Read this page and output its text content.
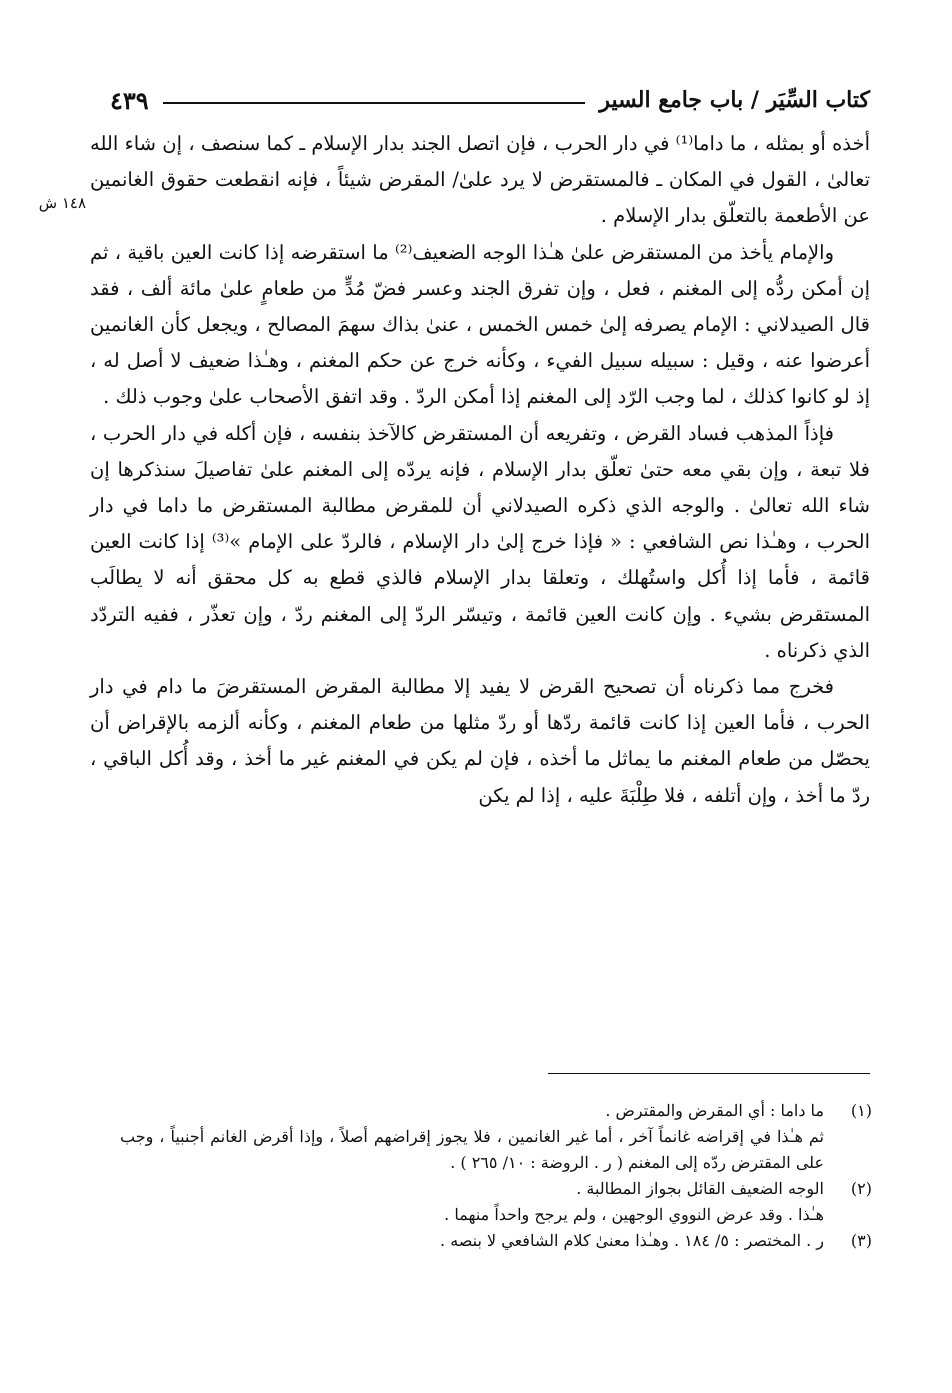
كتاب السِّيَر / باب جامع السير
٤٣٩
١٤٨ ش

أخذه أو بمثله ، ما داما⁽¹⁾ في دار الحرب ، فإن اتصل الجند بدار الإسلام ـ كما سنصف ، إن شاء الله تعالىٰ ، القول في المكان ـ فالمستقرض لا يرد علىٰ/ المقرض شيئاً ، فإنه انقطعت حقوق الغانمين عن الأطعمة بالتعلّق بدار الإسلام .

والإمام يأخذ من المستقرض علىٰ هـٰذا الوجه الضعيف⁽²⁾ ما استقرضه إذا كانت العين باقية ، ثم إن أمكن ردُّه إلى المغنم ، فعل ، وإن تفرق الجند وعسر فضّ مُدٍّ من طعامٍ علىٰ مائة ألف ، فقد قال الصيدلاني : الإمام يصرفه إلىٰ خمس الخمس ، عنىٰ بذاك سهمَ المصالح ، ويجعل كأن الغانمين أعرضوا عنه ، وقيل : سبيله سبيل الفيء ، وكأنه خرج عن حكم المغنم ، وهـٰذا ضعيف لا أصل له ، إذ لو كانوا كذلك ، لما وجب الرّد إلى المغنم إذا أمكن الردّ . وقد اتفق الأصحاب علىٰ وجوب ذلك .

فإذاً المذهب فساد القرض ، وتفريعه أن المستقرض كالآخذ بنفسه ، فإن أكله في دار الحرب ، فلا تبعة ، وإن بقي معه حتىٰ تعلّق بدار الإسلام ، فإنه يردّه إلى المغنم علىٰ تفاصيلَ سنذكرها إن شاء الله تعالىٰ . والوجه الذي ذكره الصيدلاني أن للمقرض مطالبة المستقرض ما داما في دار الحرب ، وهـٰذا نص الشافعي : « فإذا خرج إلىٰ دار الإسلام ، فالردّ على الإمام »⁽³⁾ إذا كانت العين قائمة ، فأما إذا أُكل واستُهلك ، وتعلقا بدار الإسلام فالذي قطع به كل محقق أنه لا يطالَب المستقرض بشيء . وإن كانت العين قائمة ، وتيسّر الردّ إلى المغنم ردّ ، وإن تعذّر ، ففيه التردّد الذي ذكرناه .

فخرج مما ذكرناه أن تصحيح القرض لا يفيد إلا مطالبة المقرض المستقرضَ ما دام في دار الحرب ، فأما العين إذا كانت قائمة ردّها أو ردّ مثلها من طعام المغنم ، وكأنه ألزمه بالإقراض أن يحصّل من طعام المغنم ما يماثل ما أخذه ، فإن لم يكن في المغنم غير ما أخذ ، وقد أُكل الباقي ، ردّ ما أخذ ، وإن أتلفه ، فلا طِلْبَةَ عليه ، إذا لم يكن

(١)
ما داما : أي المقرض والمقترض .
ثم هـٰذا في إقراضه غانماً آخر ، أما غير الغانمين ، فلا يجوز إقراضهم أصلاً ، وإذا أقرض الغانم أجنبياً ، وجب على المقترض ردّه إلى المغنم ( ر . الروضة : ١٠/ ٢٦٥ ) .
(٢)
الوجه الضعيف القائل بجواز المطالبة .
هـٰذا . وقد عرض النووي الوجهين ، ولم يرجح واحداً منهما .
(٣)
ر . المختصر : ٥/ ١٨٤ . وهـٰذا معنىٰ كلام الشافعي لا بنصه .
